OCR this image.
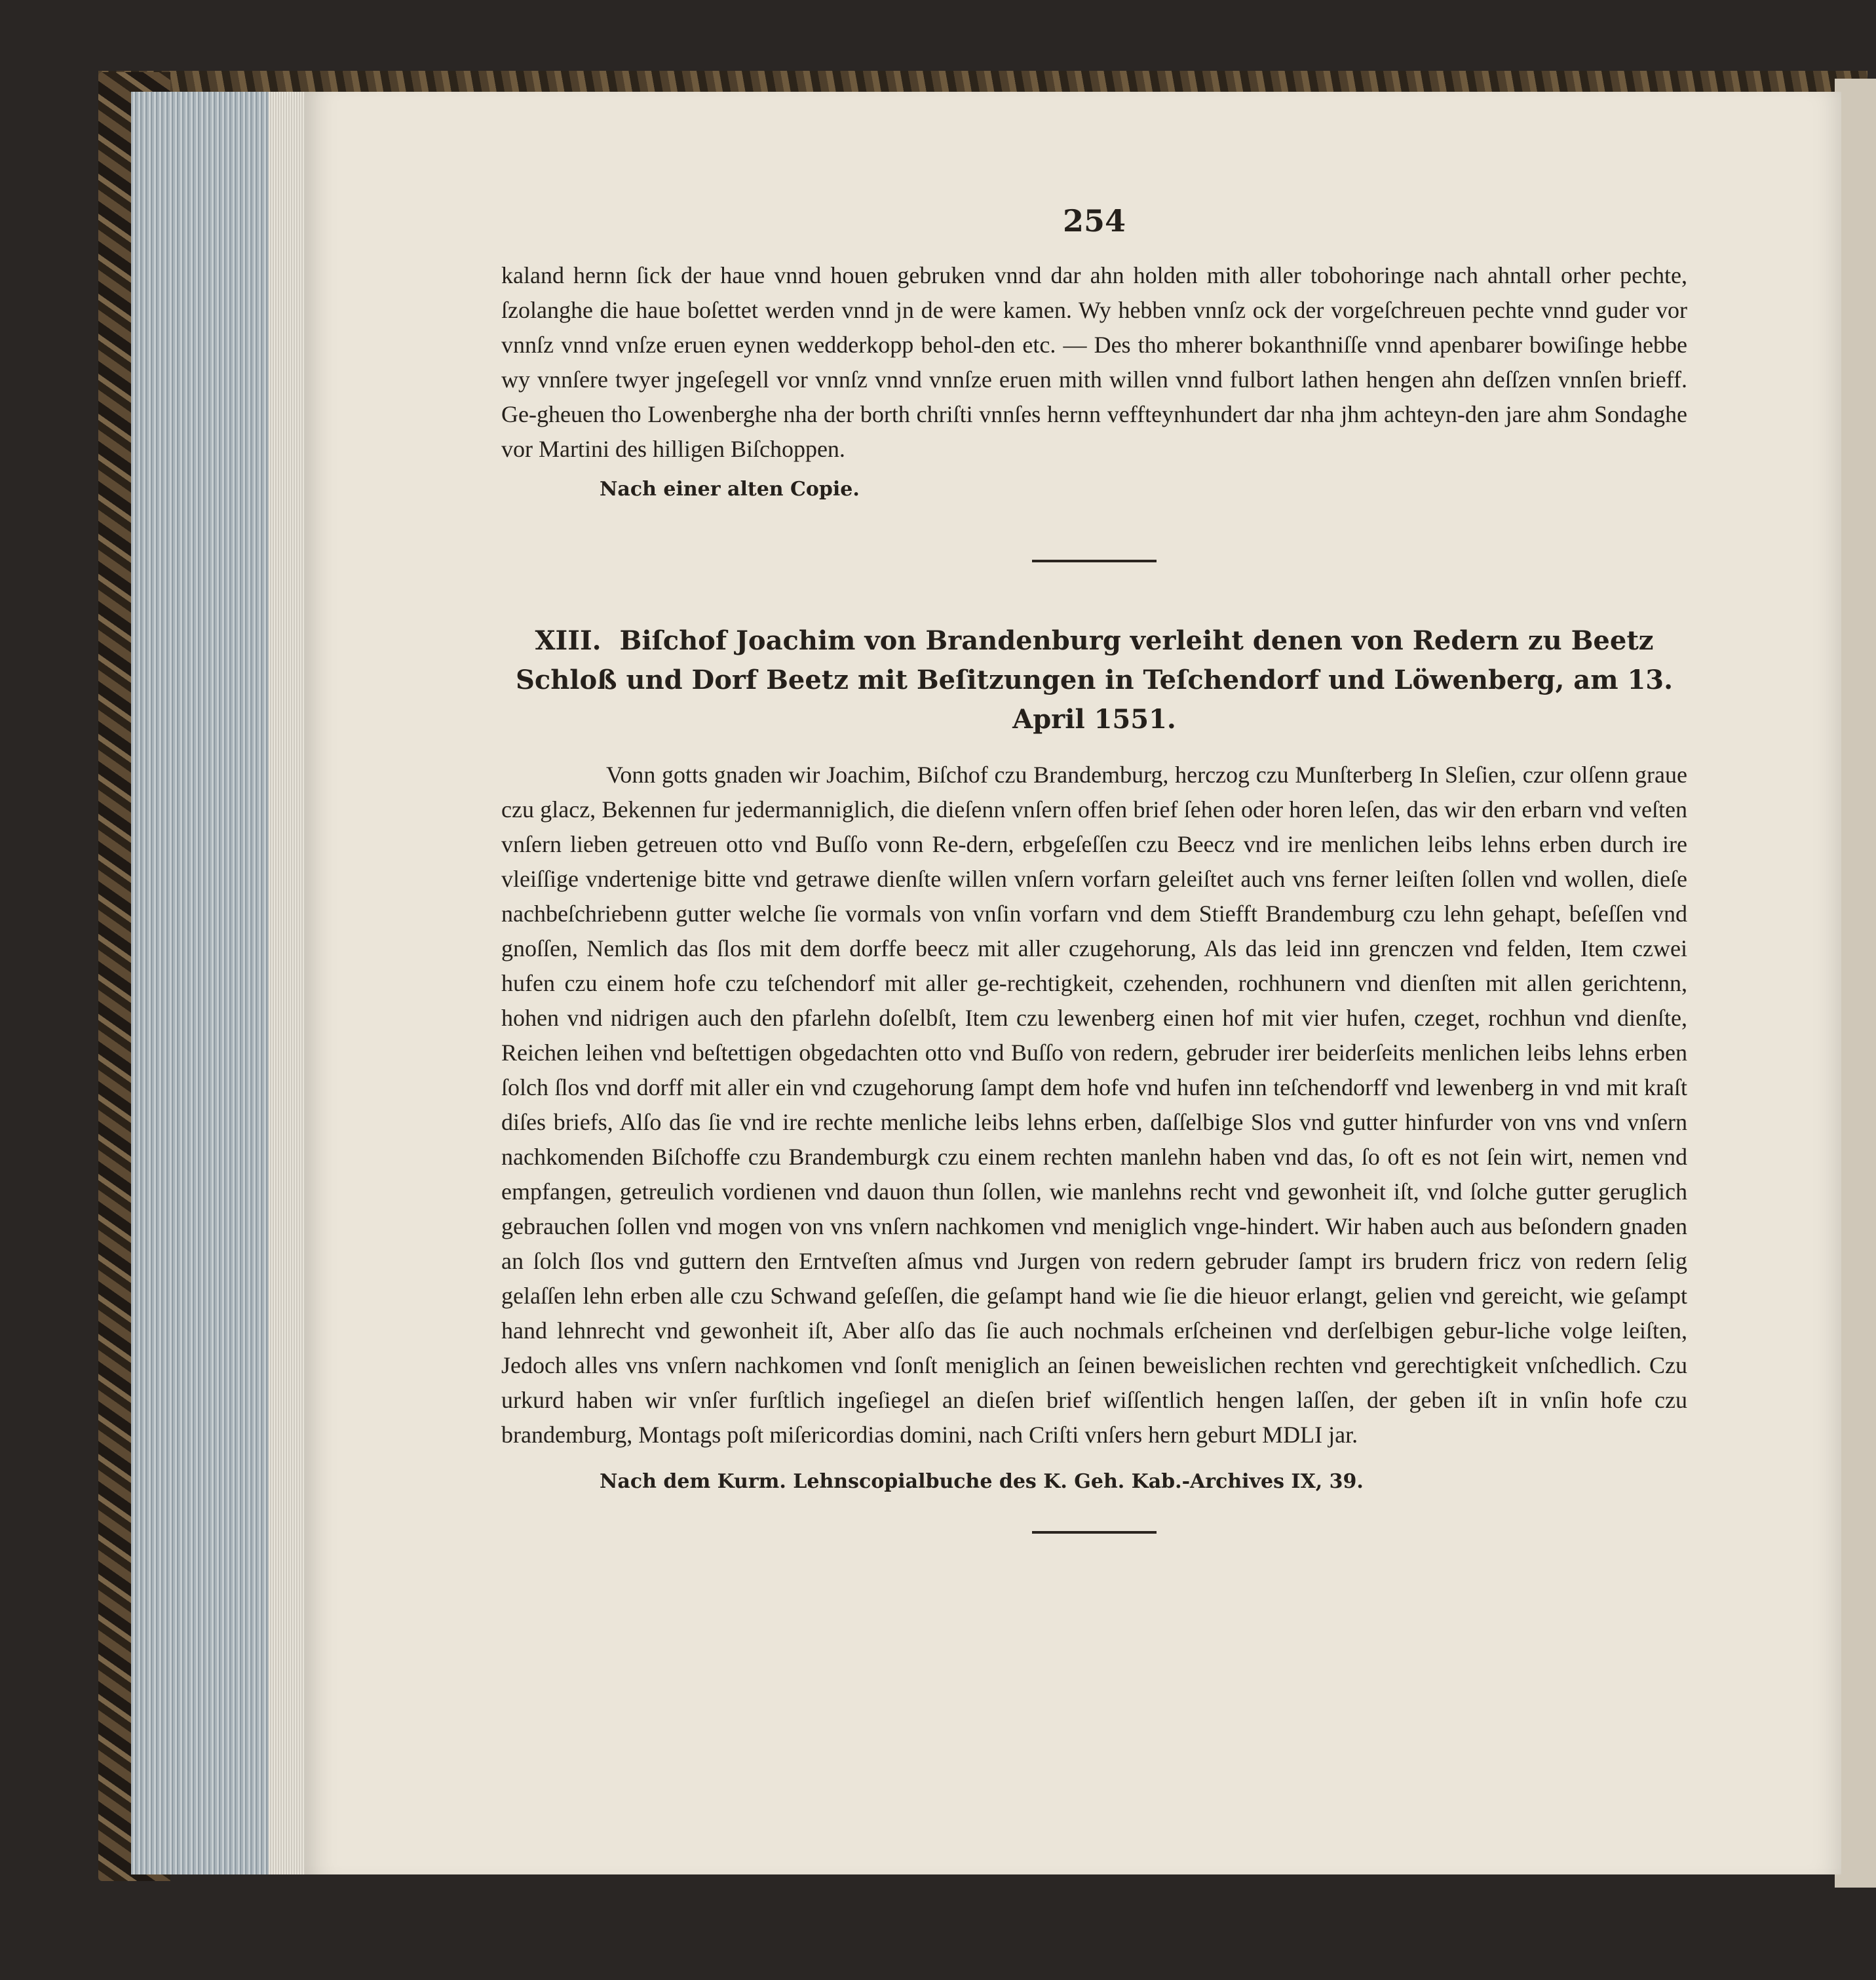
254

kaland hernn ſick der haue vnnd houen gebruken vnnd dar ahn holden mith aller tobohoringe nach ahntall orher pechte, ſzolanghe die haue boſettet werden vnnd jn de were kamen. Wy hebben vnnſz ock der vorgeſchreuen pechte vnnd guder vor vnnſz vnnd vnſze eruen eynen wedderkopp behol-den etc. — Des tho mherer bokanthniſſe vnnd apenbarer bowiſinge hebbe wy vnnſere twyer jngeſegell vor vnnſz vnnd vnnſze eruen mith willen vnnd fulbort lathen hengen ahn deſſzen vnnſen brieff. Ge-gheuen tho Lowenberghe nha der borth chriſti vnnſes hernn veffteynhundert dar nha jhm achteyn-den jare ahm Sondaghe vor Martini des hilligen Biſchoppen.

Nach einer alten Copie.
XIII. Biſchof Joachim von Brandenburg verleiht denen von Redern zu Beetz Schloß und Dorf Beetz mit Beſitzungen in Teſchendorf und Löwenberg, am 13. April 1551.

Vonn gotts gnaden wir Joachim, Biſchof czu Brandemburg, herczog czu Munſterberg In Sleſien, czur olſenn graue czu glacz, Bekennen fur jedermanniglich, die dieſenn vnſern offen brief ſehen oder horen leſen, das wir den erbarn vnd veſten vnſern lieben getreuen otto vnd Buſſo vonn Re-dern, erbgeſeſſen czu Beecz vnd ire menlichen leibs lehns erben durch ire vleiſſige vndertenige bitte vnd getrawe dienſte willen vnſern vorfarn geleiſtet auch vns ferner leiſten ſollen vnd wollen, dieſe nachbeſchriebenn gutter welche ſie vormals von vnſin vorfarn vnd dem Stiefft Brandemburg czu lehn gehapt, beſeſſen vnd gnoſſen, Nemlich das ſlos mit dem dorffe beecz mit aller czugehorung, Als das leid inn grenczen vnd felden, Item czwei hufen czu einem hofe czu teſchendorf mit aller ge-rechtigkeit, czehenden, rochhunern vnd dienſten mit allen gerichtenn, hohen vnd nidrigen auch den pfarlehn doſelbſt, Item czu lewenberg einen hof mit vier hufen, czeget, rochhun vnd dienſte, Reichen leihen vnd beſtettigen obgedachten otto vnd Buſſo von redern, gebruder irer beiderſeits menlichen leibs lehns erben ſolch ſlos vnd dorff mit aller ein vnd czugehorung ſampt dem hofe vnd hufen inn teſchendorff vnd lewenberg in vnd mit kraſt diſes briefs, Alſo das ſie vnd ire rechte menliche leibs lehns erben, daſſelbige Slos vnd gutter hinfurder von vns vnd vnſern nachkomenden Biſchoffe czu Brandemburgk czu einem rechten manlehn haben vnd das, ſo oft es not ſein wirt, nemen vnd empfangen, getreulich vordienen vnd dauon thun ſollen, wie manlehns recht vnd gewonheit iſt, vnd ſolche gutter geruglich gebrauchen ſollen vnd mogen von vns vnſern nachkomen vnd meniglich vnge-hindert. Wir haben auch aus beſondern gnaden an ſolch ſlos vnd guttern den Erntveſten aſmus vnd Jurgen von redern gebruder ſampt irs brudern fricz von redern ſelig gelaſſen lehn erben alle czu Schwand geſeſſen, die geſampt hand wie ſie die hieuor erlangt, gelien vnd gereicht, wie geſampt hand lehnrecht vnd gewonheit iſt, Aber alſo das ſie auch nochmals erſcheinen vnd derſelbigen gebur-liche volge leiſten, Jedoch alles vns vnſern nachkomen vnd ſonſt meniglich an ſeinen beweislichen rechten vnd gerechtigkeit vnſchedlich. Czu urkurd haben wir vnſer furſtlich ingeſiegel an dieſen brief wiſſentlich hengen laſſen, der geben iſt in vnſin hofe czu brandemburg, Montags poſt miſericordias domini, nach Criſti vnſers hern geburt MDLI jar.

Nach dem Kurm. Lehnscopialbuche des K. Geh. Kab.-Archives IX, 39.
